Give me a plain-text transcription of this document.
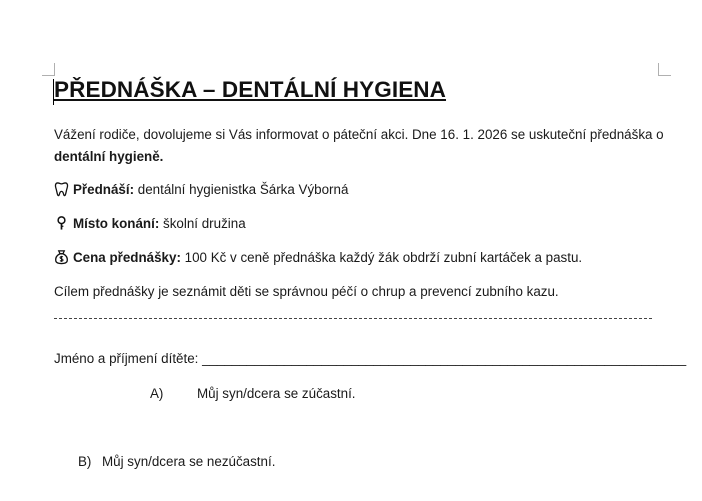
PŘEDNÁŠKA – DENTÁLNÍ HYGIENA
Vážení rodiče, dovolujeme si Vás informovat o páteční akci. Dne 16. 1. 2026 se uskuteční přednáška o
dentální hygieně.
Přednáší: dentální hygienistka Šárka Výborná
Místo konání: školní družina
Cena přednášky: 100 Kč v ceně přednáška každý žák obdrží zubní kartáček a pastu.
Cílem přednášky je seznámit děti se správnou péčí o chrup a prevencí zubního kazu.
Jméno a příjmení dítěte: _________________________________________________________________
A)	Můj syn/dcera se zúčastní.
B) Můj syn/dcera se nezúčastní.
